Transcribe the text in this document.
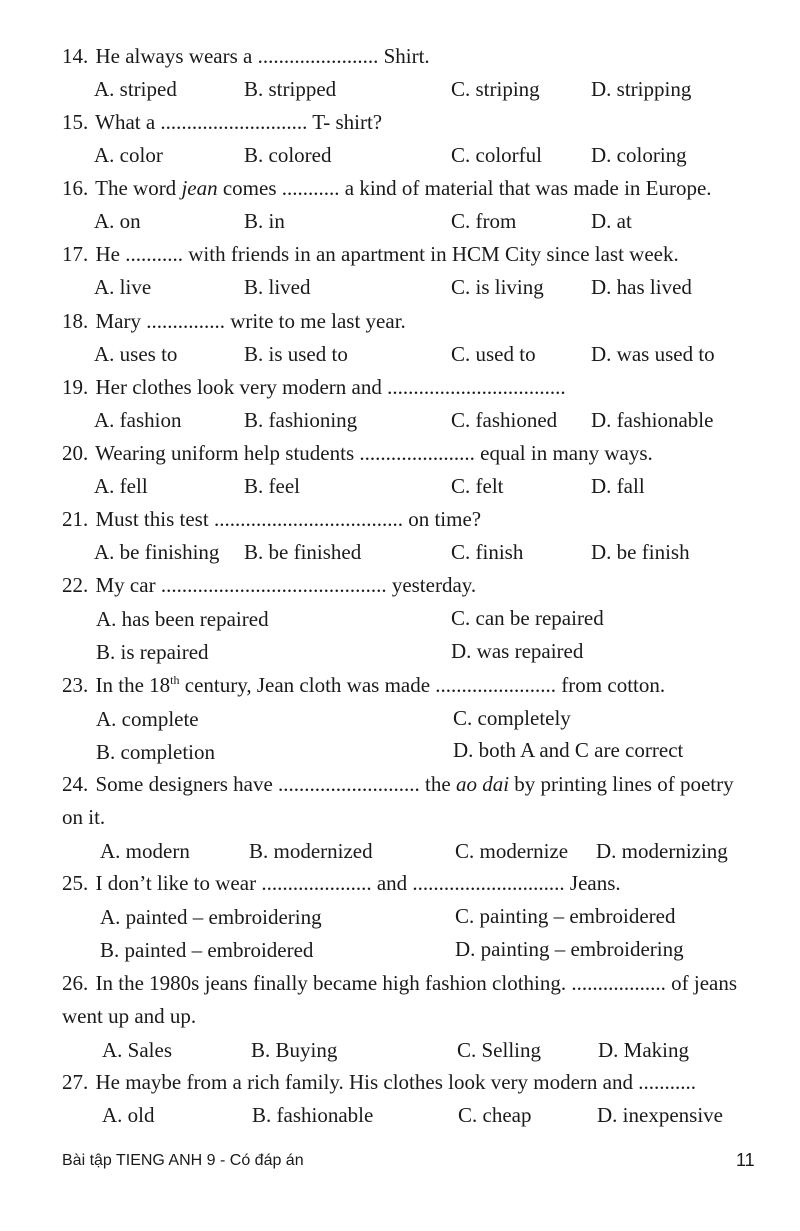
14. He always wears a ....................... Shirt.
A. striped	B. stripped	C. striping D. stripping
15. What a ............................ T- shirt?
A. color	B. colored	C. colorful D. coloring
16. The word jean comes ........... a kind of material that was made in Europe.
A. on	B. in	C. from	D. at
17. He ........... with friends in an apartment in HCM City since last week.
A. live	B. lived	C. is living D. has lived
18. Mary ............... write to me last year.
A. uses to	B. is used to	C. used to	D. was used to
19. Her clothes look very modern and ..................................
A. fashion	B. fashioning	C. fashioned D. fashionable
20. Wearing uniform help students ...................... equal in many ways.
A. fell	B. feel	C. felt	D. fall
21. Must this test .................................... on time?
A. be finishing B. be finished	C. finish	D. be finish
22. My car ........................................... yesterday.
A. has been repaired	C. can be repaired
B. is repaired	D. was repaired
23. In the 18th century, Jean cloth was made ....................... from cotton.
A. complete	C. completely
B. completion	D. both A and C are correct
24. Some designers have ........................... the ao dai by printing lines of poetry on it.
A. modern	B. modernized	C. modernize D. modernizing
25. I don’t like to wear ..................... and ............................. Jeans.
A. painted – embroidering	C. painting – embroidered
B. painted – embroidered	D. painting – embroidering
26. In the 1980s jeans finally became high fashion clothing. .................. of jeans went up and up.
A. Sales	B. Buying	C. Selling	D. Making
27. He maybe from a rich family. His clothes look very modern and ...........
A. old	B. fashionable	C. cheap	D. inexpensive
Bài tập TIENG ANH 9 - Có đáp án	11
